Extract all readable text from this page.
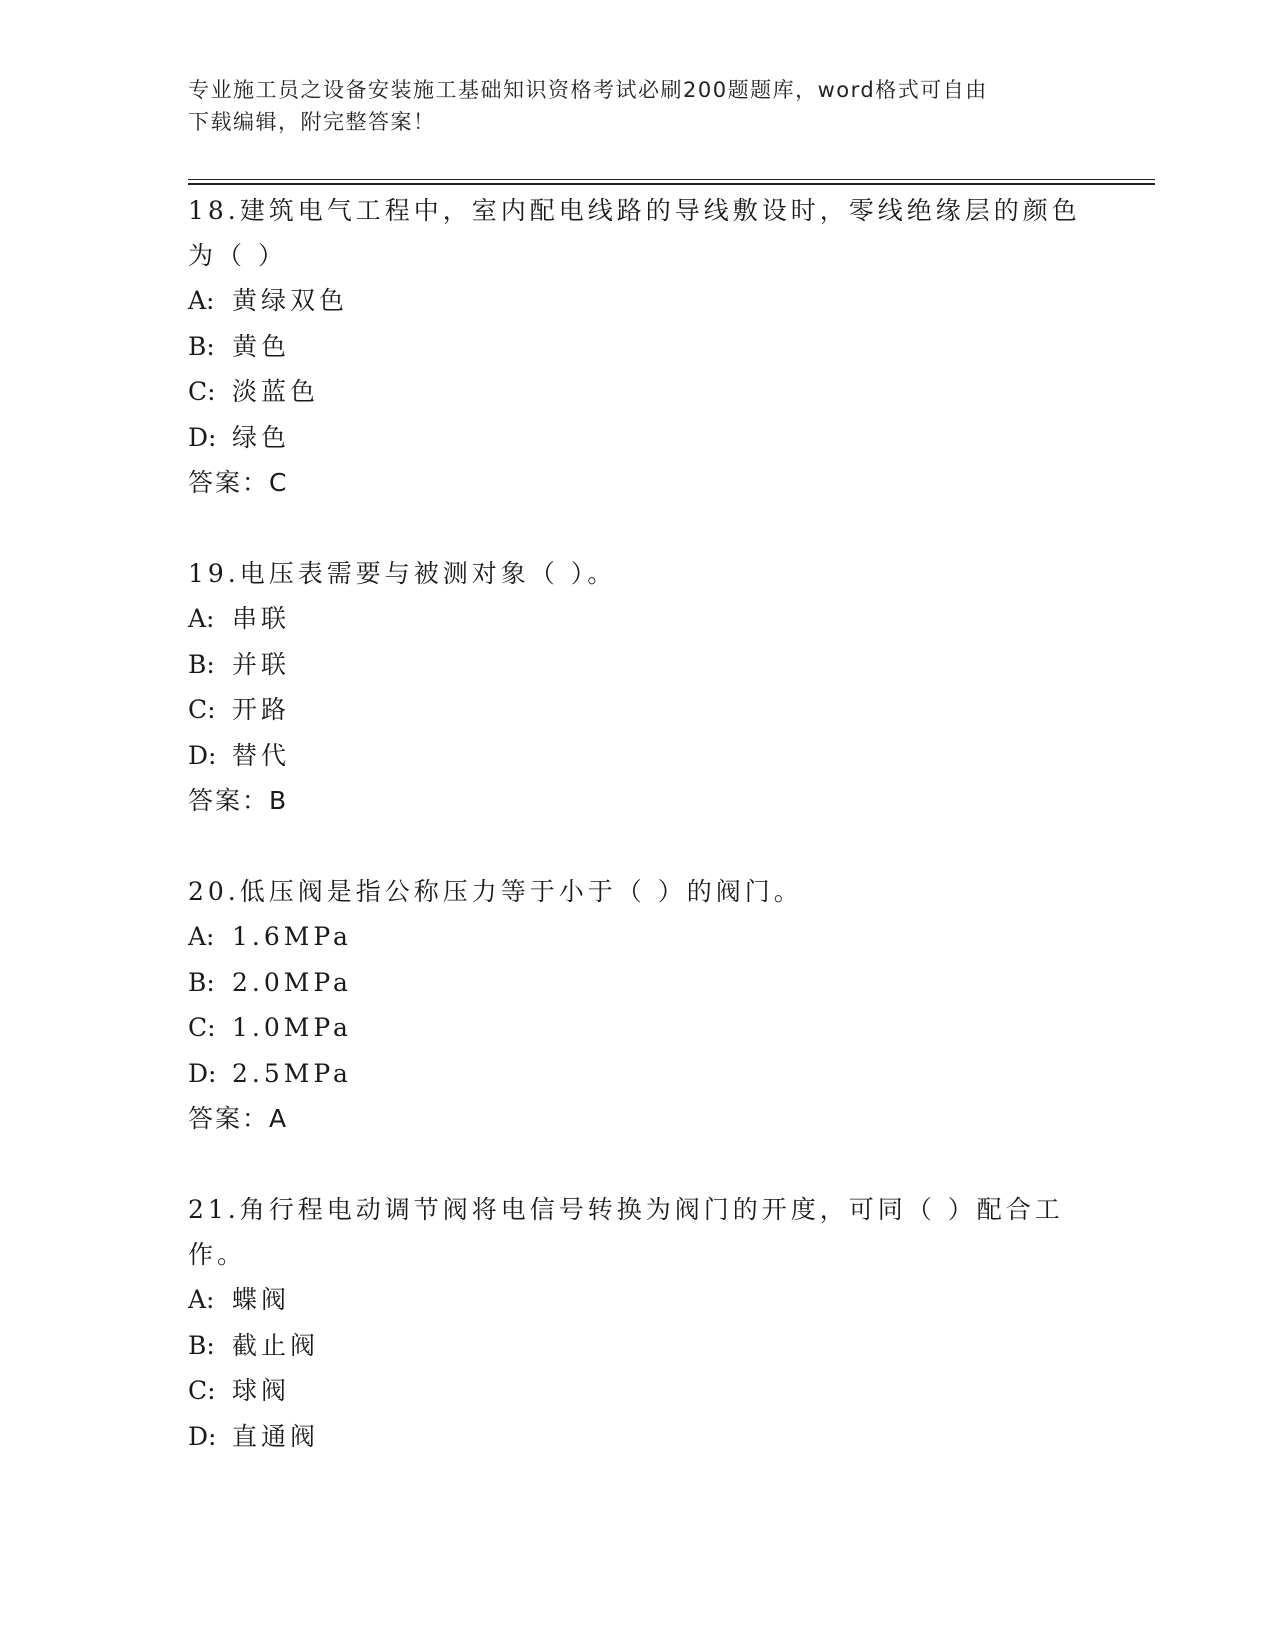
专业施工员之设备安装施工基础知识资格考试必刷200题题库，word格式可自由
下载编辑，附完整答案！
18.建筑电气工程中，室内配电线路的导线敷设时，零线绝缘层的颜色
为（ ）
A: 黄绿双色
B: 黄色
C: 淡蓝色
D: 绿色
答案：C
19.电压表需要与被测对象（ ）。
A: 串联
B: 并联
C: 开路
D: 替代
答案：B
20.低压阀是指公称压力等于小于（ ）的阀门。
A: 1.6MPa
B: 2.0MPa
C: 1.0MPa
D: 2.5MPa
答案：A
21.角行程电动调节阀将电信号转换为阀门的开度，可同（ ）配合工
作。
A: 蝶阀
B: 截止阀
C: 球阀
D: 直通阀
